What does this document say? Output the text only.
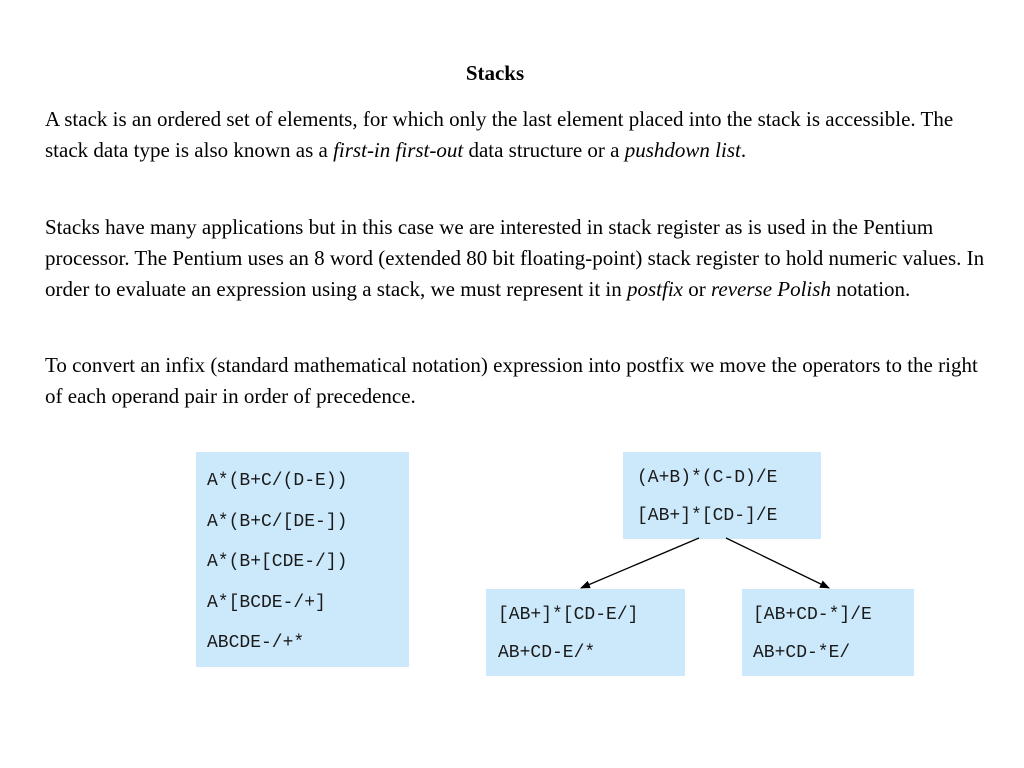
Stacks

A stack is an ordered set of elements, for which only the last element placed into the stack is accessible. The stack data type is also known as a first-in first-out data structure or a pushdown list.

Stacks have many applications but in this case we are interested in stack register as is used in the Pentium processor. The Pentium uses an 8 word (extended 80 bit floating-point) stack register to hold numeric values. In order to evaluate an expression using a stack, we must represent it in postfix or reverse Polish notation.

To convert an infix (standard mathematical notation) expression into postfix we move the operators to the right of each operand pair in order of precedence.

A*(B+C/(D-E))
A*(B+C/[DE-])
A*(B+[CDE-/])
A*[BCDE-/+]
ABCDE-/+*
(A+B)*(C-D)/E
[AB+]*[CD-]/E
[AB+]*[CD-E/]
AB+CD-E/*
[AB+CD-*]/E
AB+CD-*E/
